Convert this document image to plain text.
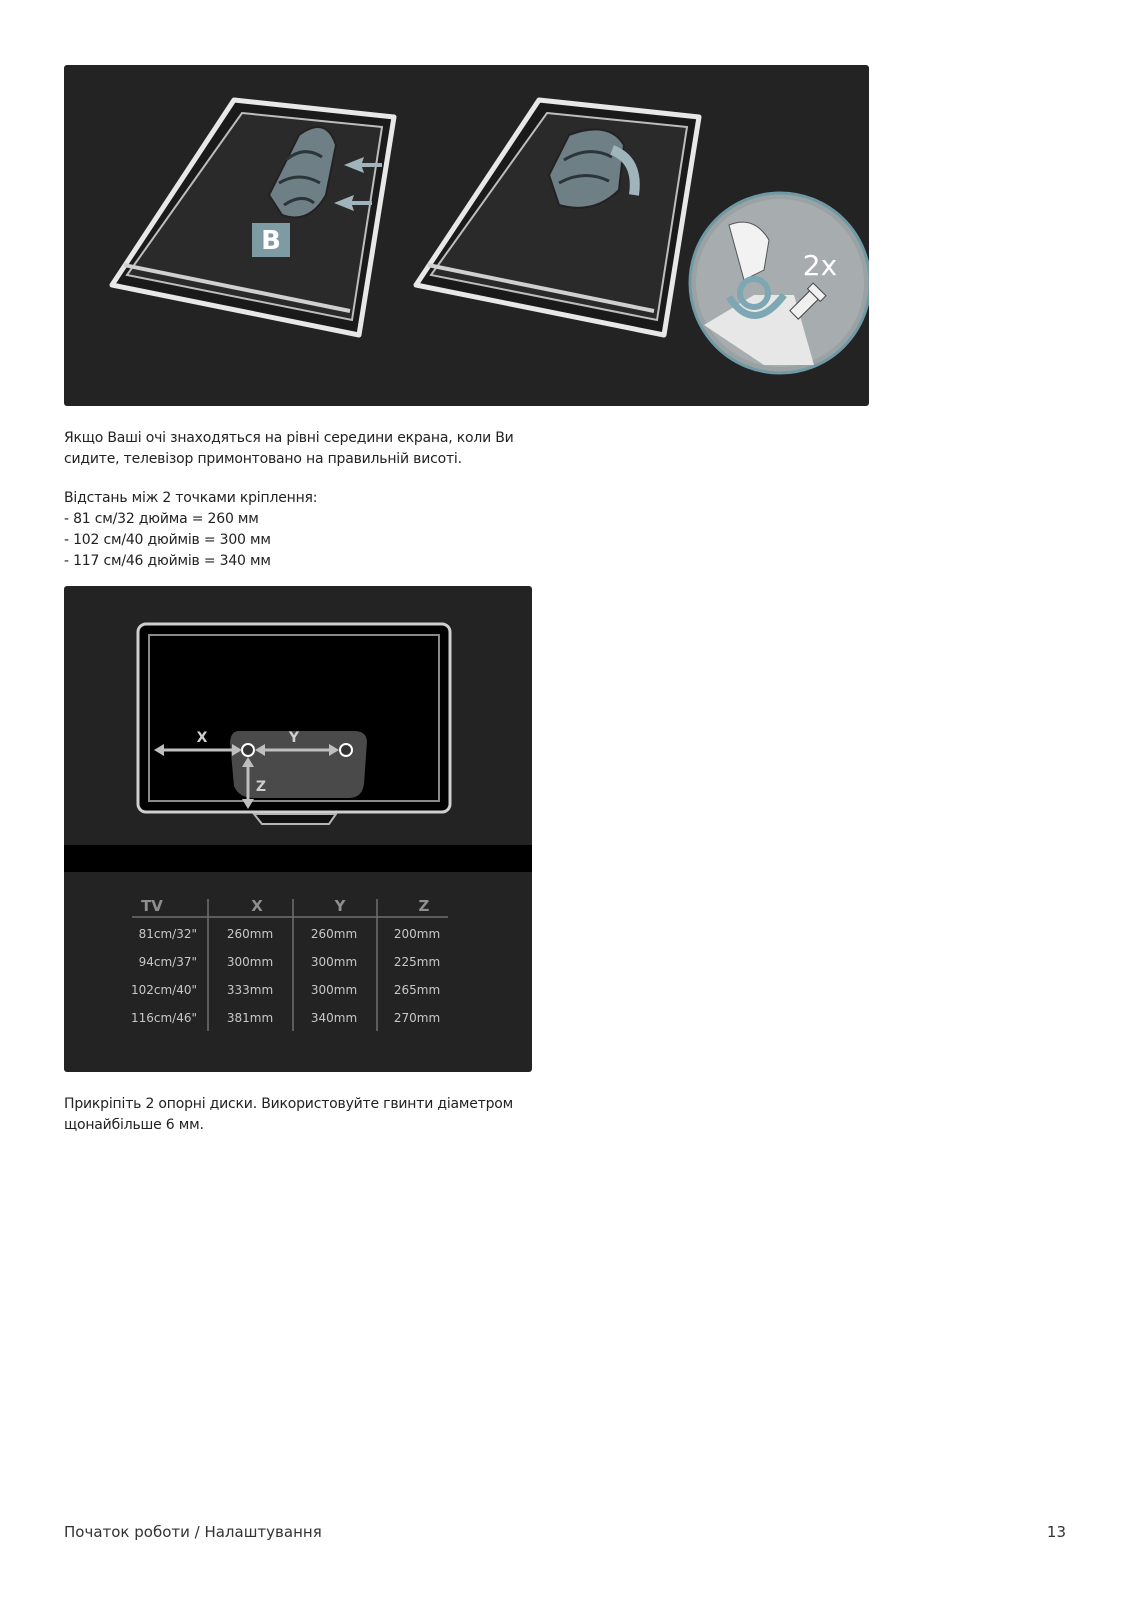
B
2x
Якщо Ваші очі знаходяться на рівні середини екрана, коли Ви
сидите, телевізор примонтовано на правильній висоті.
Відстань між 2 точками кріплення:
- 81 см/32 дюйма = 260 мм
- 102 см/40 дюймів = 300 мм
- 117 см/46 дюймів = 340 мм
X	Y
Z
TV	X	Y	Z
81cm/32" 260mm	260mm	200mm
94cm/37" 300mm	300mm	225mm
102cm/40" 333mm	300mm	265mm
116cm/46" 381mm	340mm	270mm
Прикріпіть 2 опорні диски. Використовуйте гвинти діаметром
щонайбільше 6 мм.
Початок роботи / Налаштування	13
